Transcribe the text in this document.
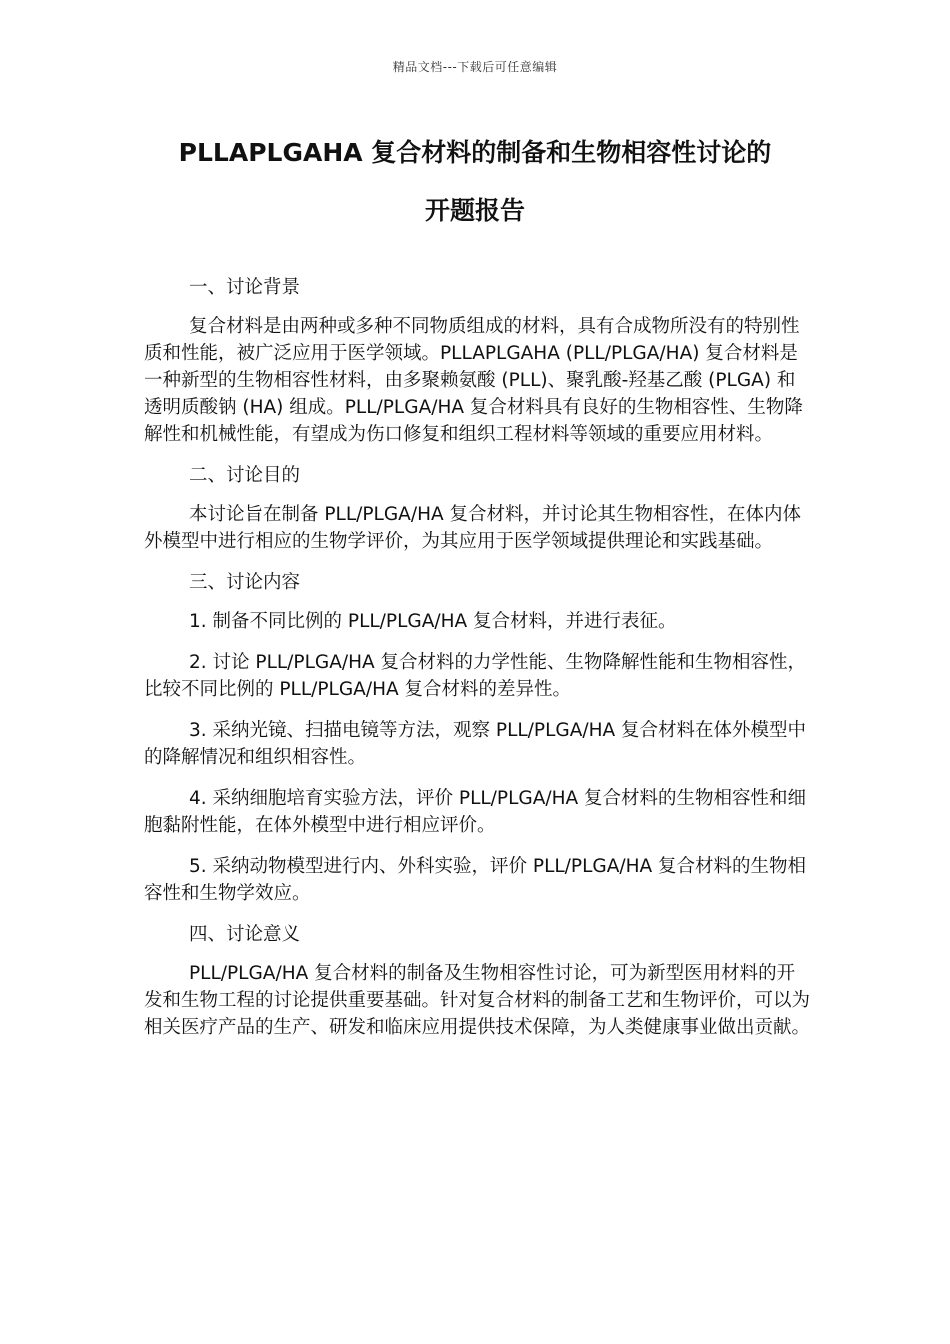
精品文档---下载后可任意编辑
PLLAPLGAHA 复合材料的制备和生物相容性讨论的
开题报告

一、讨论背景

复合材料是由两种或多种不同物质组成的材料，具有合成物所没有的特别性质和性能，被广泛应用于医学领域。PLLAPLGAHA (PLL/PLGA/HA) 复合材料是一种新型的生物相容性材料，由多聚赖氨酸 (PLL)、聚乳酸-羟基乙酸 (PLGA) 和透明质酸钠 (HA) 组成。PLL/PLGA/HA 复合材料具有良好的生物相容性、生物降解性和机械性能，有望成为伤口修复和组织工程材料等领域的重要应用材料。

二、讨论目的

本讨论旨在制备 PLL/PLGA/HA 复合材料，并讨论其生物相容性，在体内体外模型中进行相应的生物学评价，为其应用于医学领域提供理论和实践基础。

三、讨论内容

1. 制备不同比例的 PLL/PLGA/HA 复合材料，并进行表征。

2. 讨论 PLL/PLGA/HA 复合材料的力学性能、生物降解性能和生物相容性，比较不同比例的 PLL/PLGA/HA 复合材料的差异性。

3. 采纳光镜、扫描电镜等方法，观察 PLL/PLGA/HA 复合材料在体外模型中的降解情况和组织相容性。

4. 采纳细胞培育实验方法，评价 PLL/PLGA/HA 复合材料的生物相容性和细胞黏附性能，在体外模型中进行相应评价。

5. 采纳动物模型进行内、外科实验，评价 PLL/PLGA/HA 复合材料的生物相容性和生物学效应。

四、讨论意义

PLL/PLGA/HA 复合材料的制备及生物相容性讨论，可为新型医用材料的开发和生物工程的讨论提供重要基础。针对复合材料的制备工艺和生物评价，可以为相关医疗产品的生产、研发和临床应用提供技术保障，为人类健康事业做出贡献。
